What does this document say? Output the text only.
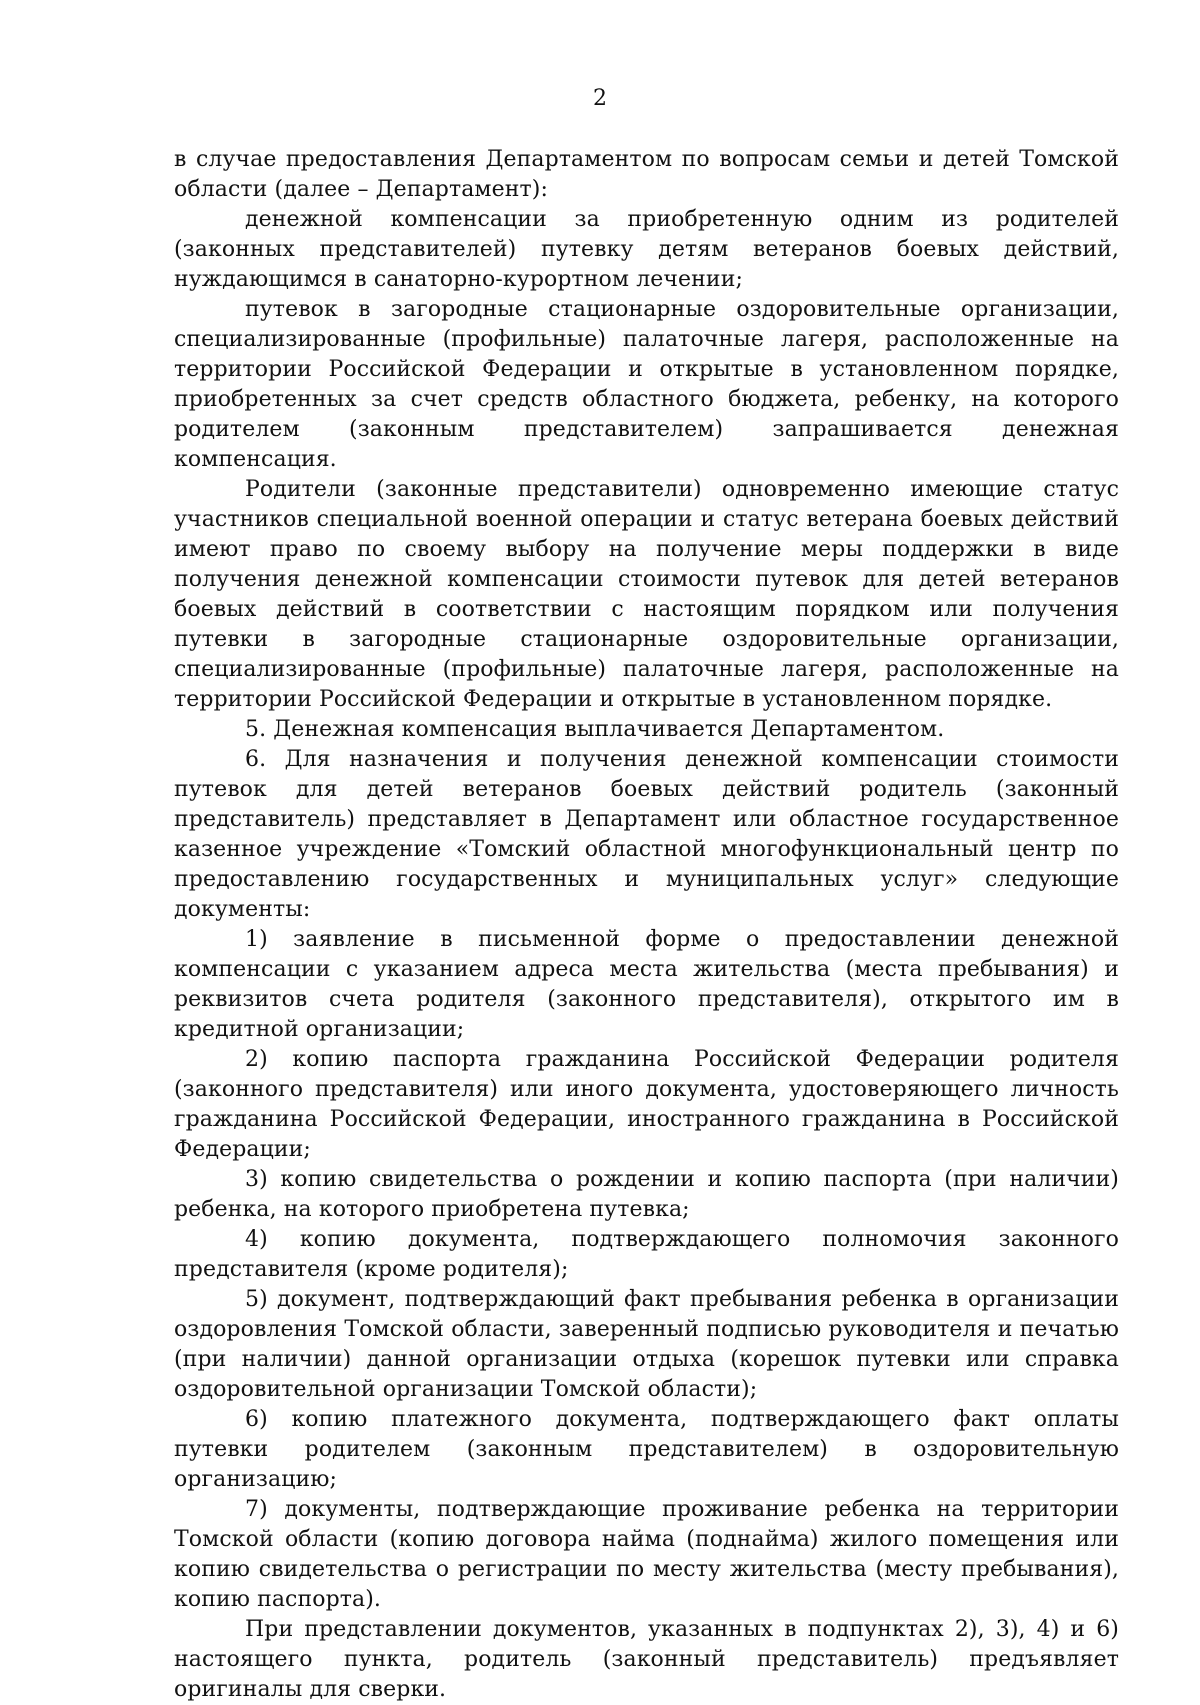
2

в случае предоставления Департаментом по вопросам семьи и детей Томской области (далее – Департамент):

денежной компенсации за приобретенную одним из родителей (законных представителей) путевку детям ветеранов боевых действий, нуждающимся в санаторно-курортном лечении;

путевок в загородные стационарные оздоровительные организации, специализированные (профильные) палаточные лагеря, расположенные на территории Российской Федерации и открытые в установленном порядке, приобретенных за счет средств областного бюджета, ребенку, на которого родителем (законным представителем) запрашивается денежная компенсация.

Родители (законные представители) одновременно имеющие статус участников специальной военной операции и статус ветерана боевых действий имеют право по своему выбору на получение меры поддержки в виде получения денежной компенсации стоимости путевок для детей ветеранов боевых действий в соответствии с настоящим порядком или получения путевки в загородные стационарные оздоровительные организации, специализированные (профильные) палаточные лагеря, расположенные на территории Российской Федерации и открытые в установленном порядке.

5. Денежная компенсация выплачивается Департаментом.

6. Для назначения и получения денежной компенсации стоимости путевок для детей ветеранов боевых действий родитель (законный представитель) представляет в Департамент или областное государственное казенное учреждение «Томский областной многофункциональный центр по предоставлению государственных и муниципальных услуг» следующие документы:

1) заявление в письменной форме о предоставлении денежной компенсации с указанием адреса места жительства (места пребывания) и реквизитов счета родителя (законного представителя), открытого им в кредитной организации;

2) копию паспорта гражданина Российской Федерации родителя (законного представителя) или иного документа, удостоверяющего личность гражданина Российской Федерации, иностранного гражданина в Российской Федерации;

3) копию свидетельства о рождении и копию паспорта (при наличии) ребенка, на которого приобретена путевка;

4) копию документа, подтверждающего полномочия законного представителя (кроме родителя);

5) документ, подтверждающий факт пребывания ребенка в организации оздоровления Томской области, заверенный подписью руководителя и печатью (при наличии) данной организации отдыха (корешок путевки или справка оздоровительной организации Томской области);

6) копию платежного документа, подтверждающего факт оплаты путевки родителем (законным представителем) в оздоровительную организацию;

7) документы, подтверждающие проживание ребенка на территории Томской области (копию договора найма (поднайма) жилого помещения или копию свидетельства о регистрации по месту жительства (месту пребывания), копию паспорта).

При представлении документов, указанных в подпунктах 2), 3), 4) и 6) настоящего пункта, родитель (законный представитель) предъявляет оригиналы для сверки.
